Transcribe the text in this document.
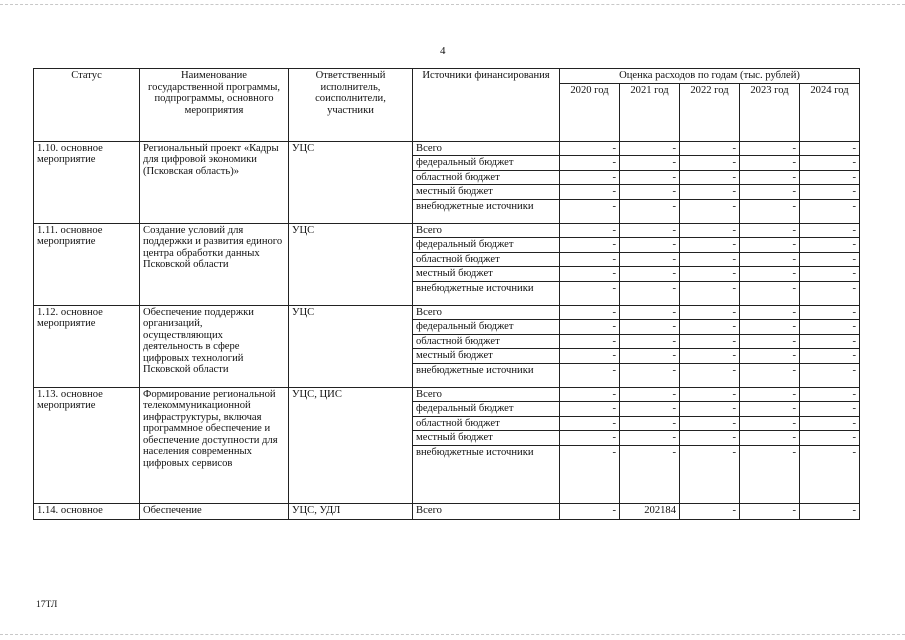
4
Статус	Наименование государственной программы, подпрограммы, основного мероприятия	Ответственный исполнитель, соисполнители, участники	Источники финансирования	Оценка расходов по годам (тыс. рублей)				
				2020 год	2021 год	2022 год	2023 год	2024 год
1.10. основное мероприятие	Региональный проект «Кадры для цифровой экономики (Псковская область)»	УЦС	Всего	-	-	-	-	-
			федеральный бюджет	-	-	-	-	-
			областной бюджет	-	-	-	-	-
			местный бюджет	-	-	-	-	-
			внебюджетные источники	-	-	-	-	-
1.11. основное мероприятие	Создание условий для поддержки и развития единого центра обработки данных Псковской области	УЦС	Всего	-	-	-	-	-
			федеральный бюджет	-	-	-	-	-
			областной бюджет	-	-	-	-	-
			местный бюджет	-	-	-	-	-
			внебюджетные источники	-	-	-	-	-
1.12. основное мероприятие	Обеспечение поддержки организаций, осуществляющих деятельность в сфере цифровых технологий Псковской области	УЦС	Всего	-	-	-	-	-
			федеральный бюджет	-	-	-	-	-
			областной бюджет	-	-	-	-	-
			местный бюджет	-	-	-	-	-
			внебюджетные источники	-	-	-	-	-
1.13. основное мероприятие	Формирование региональной телекоммуникационной инфраструктуры, включая программное обеспечение и обеспечение доступности для населения современных цифровых сервисов	УЦС, ЦИС	Всего	-	-	-	-	-
			федеральный бюджет	-	-	-	-	-
			областной бюджет	-	-	-	-	-
			местный бюджет	-	-	-	-	-
			внебюджетные источники	-	-	-	-	-
1.14. основное	Обеспечение	УЦС, УДЛ	Всего	-	202184	-	-	-
17ТЛ
